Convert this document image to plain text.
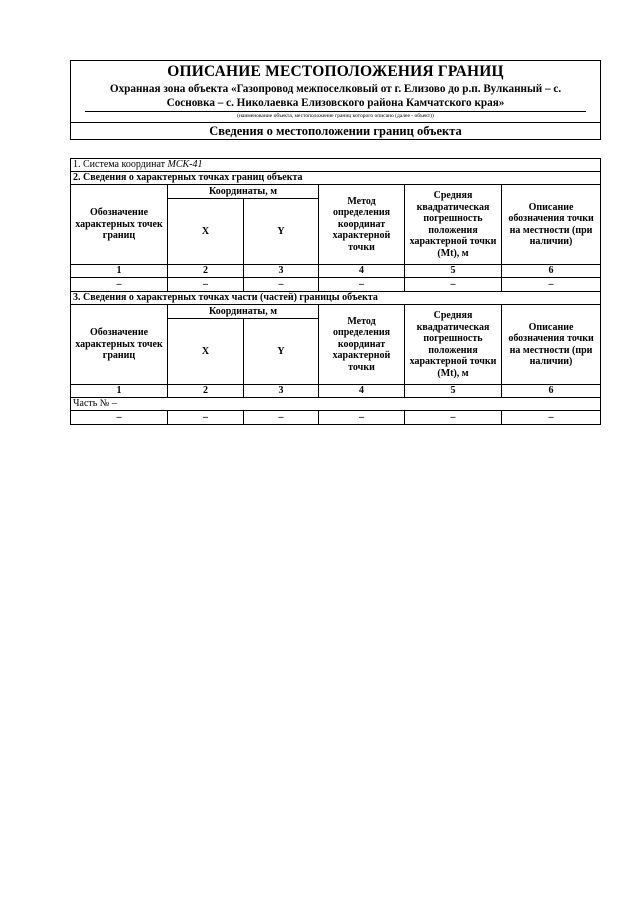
ОПИСАНИЕ МЕСТОПОЛОЖЕНИЯ ГРАНИЦ
Охранная зона объекта «Газопровод межпоселковый от г. Елизово до р.п. Вулканный – с.
Сосновка – с. Николаевка Елизовского района Камчатского края»
(наименование объекта, местоположение границ которого описано (далее - объект))

Сведения о местоположении границ объекта
1. Система координат МСК-41					
2. Сведения о характерных точках границ объекта					
Обозначение характерных точек границ	Координаты, м		Метод определения координат характерной точки	Средняя квадратическая погрешность положения характерной точки (Mt), м	Описание обозначения точки на местности (при наличии)
	X	Y			
1	2	3	4	5	6
–	–	–	–	–	–
3. Сведения о характерных точках части (частей) границы объекта					
Обозначение характерных точек границ	Координаты, м		Метод определения координат характерной точки	Средняя квадратическая погрешность положения характерной точки (Mt), м	Описание обозначения точки на местности (при наличии)
	X	Y			
1	2	3	4	5	6
Часть № –					
–	–	–	–	–	–
